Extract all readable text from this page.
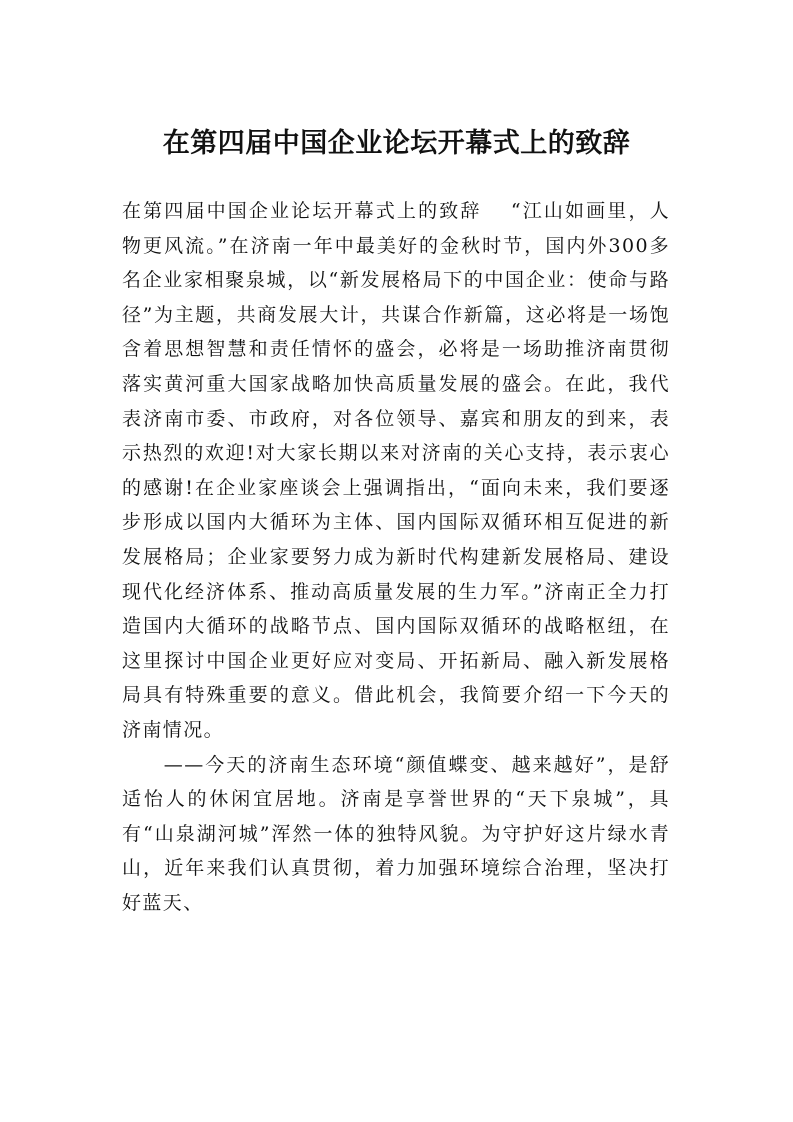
在第四届中国企业论坛开幕式上的致辞

在第四届中国企业论坛开幕式上的致辞　 “江山如画里，人物更风流。”在济南一年中最美好的金秋时节，国内外300多名企业家相聚泉城，以“新发展格局下的中国企业：使命与路径”为主题，共商发展大计，共谋合作新篇，这必将是一场饱含着思想智慧和责任情怀的盛会，必将是一场助推济南贯彻落实黄河重大国家战略加快高质量发展的盛会。在此，我代表济南市委、市政府，对各位领导、嘉宾和朋友的到来，表示热烈的欢迎!对大家长期以来对济南的关心支持，表示衷心的感谢!在企业家座谈会上强调指出，“面向未来，我们要逐步形成以国内大循环为主体、国内国际双循环相互促进的新发展格局；企业家要努力成为新时代构建新发展格局、建设现代化经济体系、推动高质量发展的生力军。”济南正全力打造国内大循环的战略节点、国内国际双循环的战略枢纽，在这里探讨中国企业更好应对变局、开拓新局、融入新发展格局具有特殊重要的意义。借此机会，我简要介绍一下今天的济南情况。

——今天的济南生态环境“颜值蝶变、越来越好”，是舒适怡人的休闲宜居地。济南是享誉世界的“天下泉城”，具有“山泉湖河城”浑然一体的独特风貌。为守护好这片绿水青山，近年来我们认真贯彻，着力加强环境综合治理，坚决打好蓝天、
